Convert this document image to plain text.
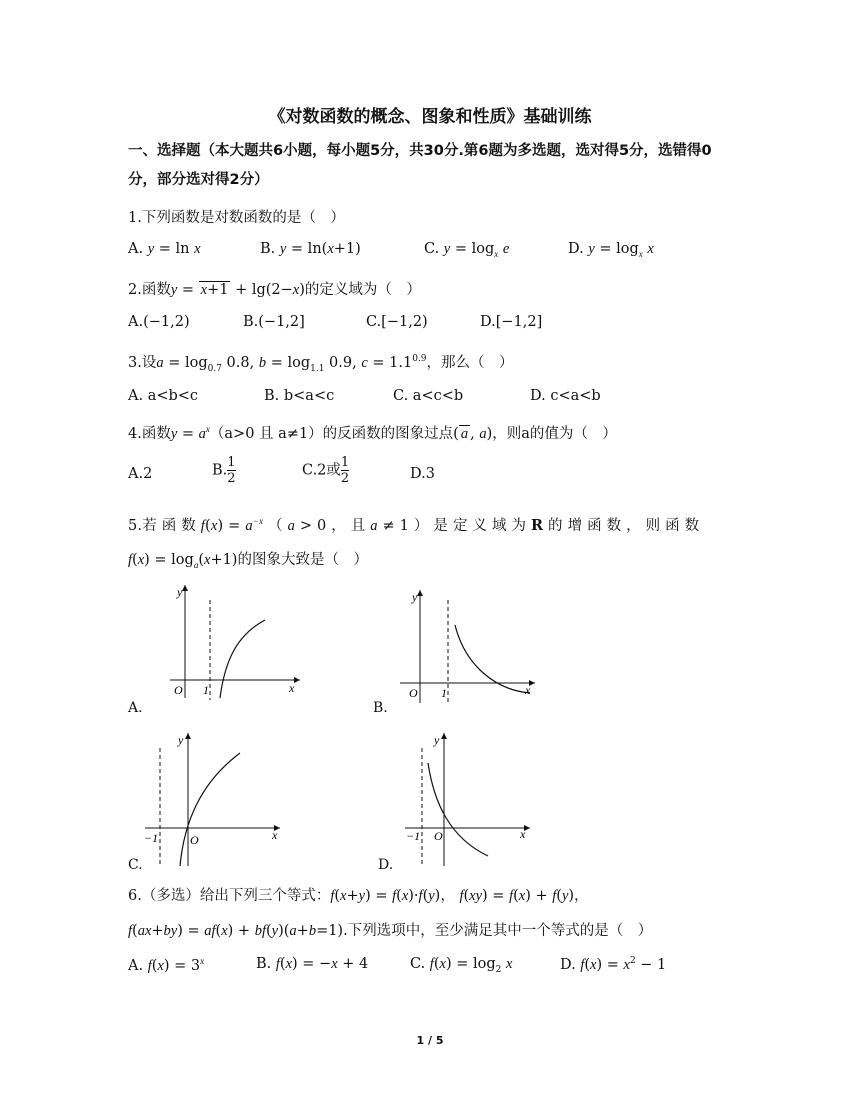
《对数函数的概念、图象和性质》基础训练
一、选择题（本大题共6小题，每小题5分，共30分.第6题为多选题，选对得5分，选错得0分，部分选对得2分）
1.下列函数是对数函数的是（　）
A. y = ln x	B. y = ln(x+1)	C. $y = \log_x e$	D. $y = \log_x x$
2.函数y = x+1 + lg(2−x)的定义域为（　）
A.(−1,2)	B.(−1,2]	C.[−1,2)	D.[−1,2]
3.设$a = \log_{0.7} 0.8$, $b = \log_{1.1} 0.9$, $c = 1.1^{0.9}$，那么（　）
A. a<b<c	B. b<a<c	C. a<c<b	D. c<a<b
4.函数$y = a^x(a>0$ 且 a≠1）的反函数的图象过点( a , a)，则a的值为（　）
A.2	B. $\frac{1}{2}$	C.2或 $\frac{1}{2}$	D.3
5.若 函 数 $f(x) = a^{-x}$ （ a > 0 ， 且 a ≠ 1 ） 是 定 义 域 为 R 的 增 函 数 ， 则 函 数
$f(x) = \log_a(x+1)$的图象大致是（　）
O 1	x
y
A.
O 1	x
y
B.
−1	O	x
y
C.
−1 O	x
y
D.
6.（多选）给出下列三个等式：f(x+y) = f(x)·f(y)， f(xy) = f(x) + f(y)，
f(ax+by) = af(x) + bf(y)(a+b=1).下列选项中，至少满足其中一个等式的是（　）
A. $f(x) = 3^x$	B. f(x) = −x + 4	C. $f(x) = \log_2 x$	D. $f(x) = x^2 - 1$
1 / 5
